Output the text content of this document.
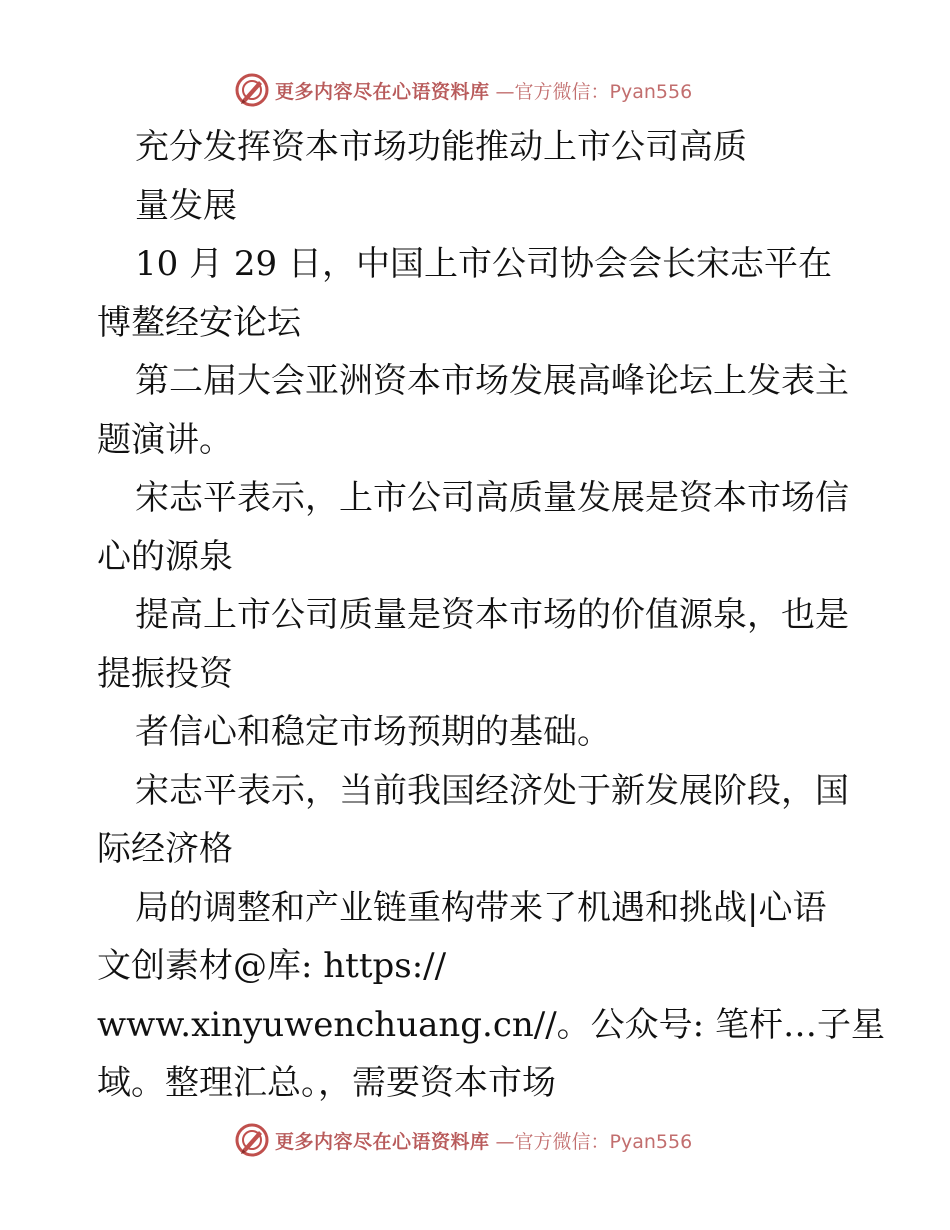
更多内容尽在心语资料库 —官方微信：Pyan556
充分发挥资本市场功能推动上市公司高质
量发展
10 月 29 日，中国上市公司协会会长宋志平在
博鳌经安论坛
第二届大会亚洲资本市场发展高峰论坛上发表主
题演讲。
宋志平表示，上市公司高质量发展是资本市场信
心的源泉
提高上市公司质量是资本市场的价值源泉，也是
提振投资
者信心和稳定市场预期的基础。
宋志平表示，当前我国经济处于新发展阶段，国
际经济格
局的调整和产业链重构带来了机遇和挑战|心语
文创素材@库: https://
www.xinyuwenchuang.cn//。公众号: 笔杆…子星
域。整理汇总。，需要资本市场
更多内容尽在心语资料库 —官方微信：Pyan556
